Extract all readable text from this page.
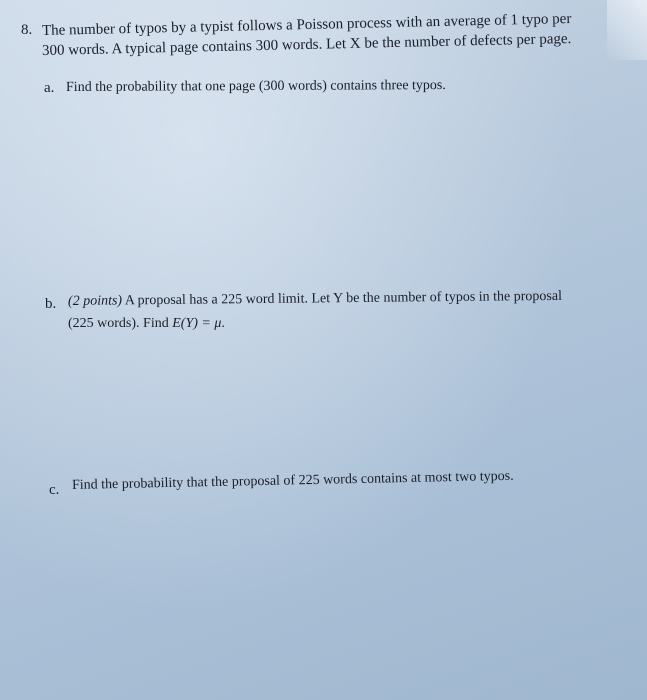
8. The number of typos by a typist follows a Poisson process with an average of 1 typo per
300 words. A typical page contains 300 words. Let X be the number of defects per page.
a. Find the probability that one page (300 words) contains three typos.
b. (2 points) A proposal has a 225 word limit. Let Y be the number of typos in the proposal
(225 words). Find E(Y) = μ.
c. Find the probability that the proposal of 225 words contains at most two typos.
